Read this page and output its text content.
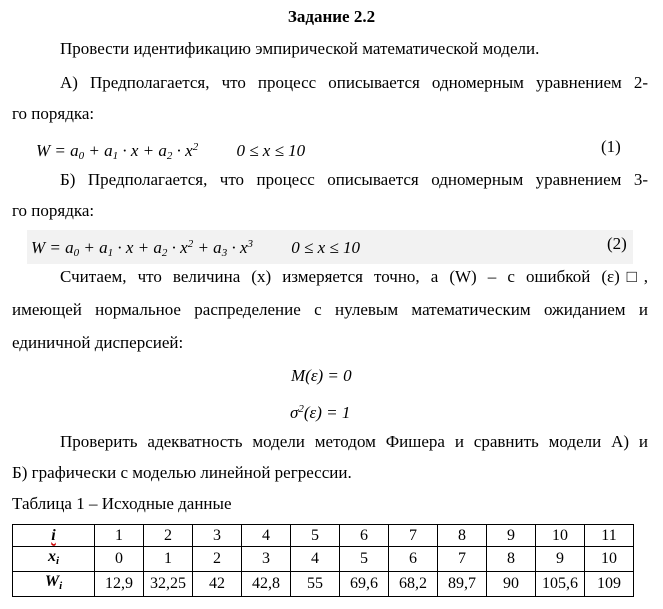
Задание 2.2
Провести идентификацию эмпирической математической модели.
А) Предполагается, что процесс описывается одномерным уравнением 2-
го порядка:
$W = a_0 + a_1 \cdot x + a_2 \cdot x^2$ 0 ≤ x ≤ 10	(1)
Б) Предполагается, что процесс описывается одномерным уравнением 3-
го порядка:
$W = a_0 + a_1 \cdot x + a_2 \cdot x^2 + a_3 \cdot x^3$ 0 ≤ x ≤ 10	(2)
Считаем, что величина (x) измеряется точно, а (W) – с ошибкой (ε)□,
имеющей нормальное распределение с нулевым математическим ожиданием и
единичной дисперсией:
M(ε) = 0
$\sigma^2(\varepsilon) = 1$
Проверить адекватность модели методом Фишера и сравнить модели А) и
Б) графически с моделью линейной регрессии.
Таблица 1 – Исходные данные
i	1	2	3	4	5	6	7	8	9	10	11
$x_i$	0	1	2	3	4	5	6	7	8	9	10
$W_i$	12,9	32,25	42	42,8	55	69,6	68,2	89,7	90	105,6	109
